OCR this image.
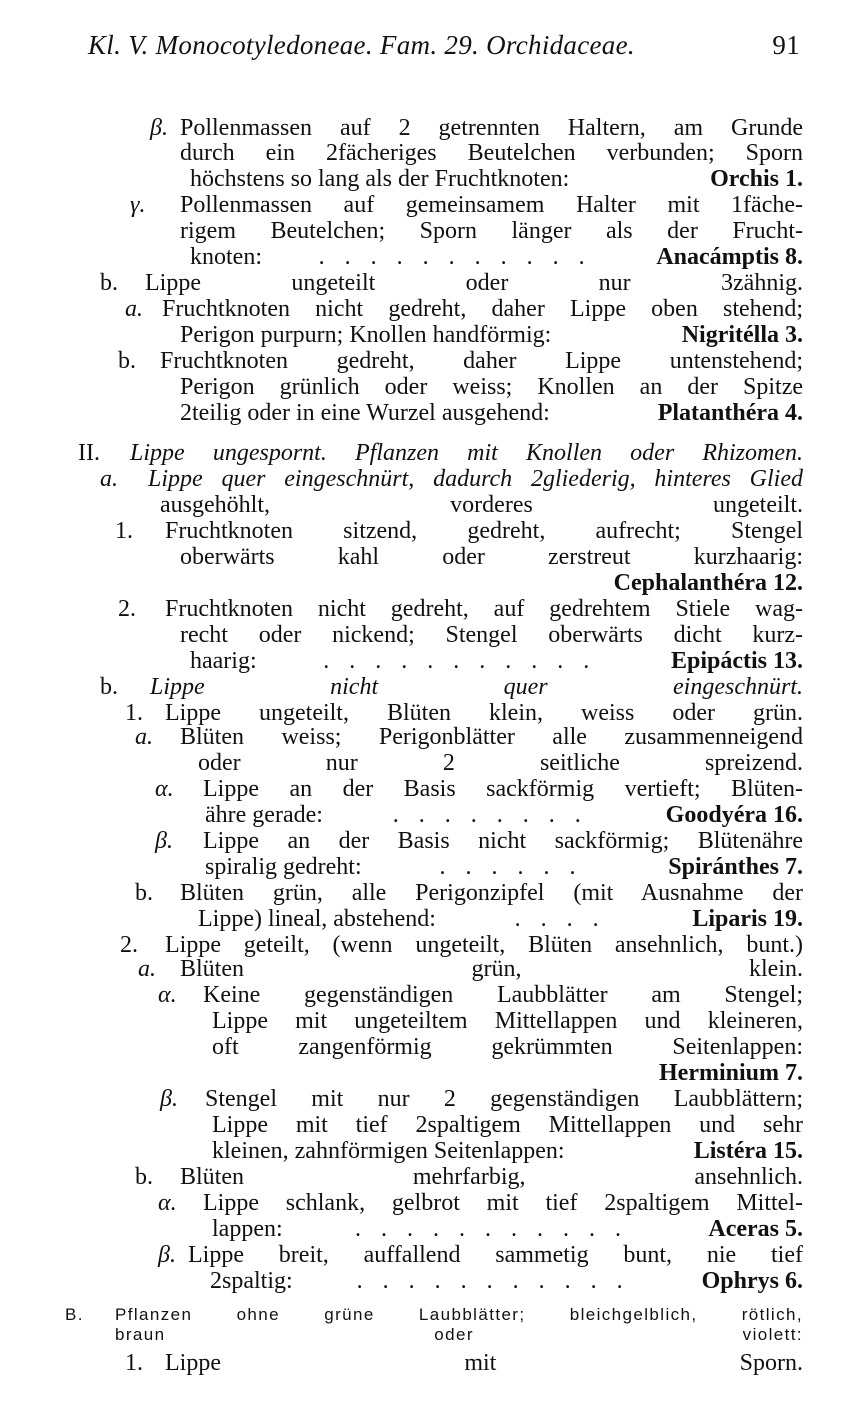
Kl. V. Monocotyledoneae. Fam. 29. Orchidaceae.	91
β. Pollenmassen auf 2 getrennten Haltern, am Grunde
durch ein 2fächeriges Beutelchen verbunden; Sporn
höchstens so lang als der Fruchtknoten:	Orchis 1.
γ. Pollenmassen auf gemeinsamem Halter mit 1fäche-
rigem Beutelchen; Sporn länger als der Frucht-
knoten:	. . . . . . . . . . .	Anacámptis 8.
b. Lippe ungeteilt oder nur 3zähnig.
a. Fruchtknoten nicht gedreht, daher Lippe oben stehend;
Perigon purpurn; Knollen handförmig:	Nigritélla 3.
b. Fruchtknoten gedreht, daher Lippe untenstehend;
Perigon grünlich oder weiss; Knollen an der Spitze
2teilig oder in eine Wurzel ausgehend:	Platanthéra 4.
II. Lippe ungespornt. Pflanzen mit Knollen oder Rhizomen.
a. Lippe quer eingeschnürt, dadurch 2gliederig, hinteres Glied
ausgehöhlt, vorderes ungeteilt.
1. Fruchtknoten sitzend, gedreht, aufrecht; Stengel
oberwärts kahl oder zerstreut kurzhaarig:
Cephalanthéra 12.
2. Fruchtknoten nicht gedreht, auf gedrehtem Stiele wag-
recht oder nickend; Stengel oberwärts dicht kurz-
haarig:	. . . . . . . . . . .	Epipáctis 13.
b. Lippe nicht quer eingeschnürt.
1. Lippe ungeteilt, Blüten klein, weiss oder grün.
a. Blüten weiss; Perigonblätter alle zusammenneigend
oder nur 2 seitliche spreizend.
α. Lippe an der Basis sackförmig vertieft; Blüten-
ähre gerade:	. . . . . . . .	Goodyéra 16.
β. Lippe an der Basis nicht sackförmig; Blütenähre
spiralig gedreht:	. . . . . .	Spiránthes 7.
b. Blüten grün, alle Perigonzipfel (mit Ausnahme der
Lippe) lineal, abstehend:	. . . .	Liparis 19.
2. Lippe geteilt, (wenn ungeteilt, Blüten ansehnlich, bunt.)
a. Blüten grün, klein.
α. Keine gegenständigen Laubblätter am Stengel;
Lippe mit ungeteiltem Mittellappen und kleineren,
oft zangenförmig gekrümmten Seitenlappen:
Herminium 7.
β. Stengel mit nur 2 gegenständigen Laubblättern;
Lippe mit tief 2spaltigem Mittellappen und sehr
kleinen, zahnförmigen Seitenlappen:	Listéra 15.
b. Blüten mehrfarbig, ansehnlich.
α. Lippe schlank, gelbrot mit tief 2spaltigem Mittel-
lappen:	. . . . . . . . . . .	Aceras 5.
β. Lippe breit, auffallend sammetig bunt, nie tief
2spaltig:	. . . . . . . . . . .	Ophrys 6.
B. Pflanzen ohne grüne Laubblätter; bleichgelblich, rötlich,
braun oder violett:
1. Lippe mit Sporn.
